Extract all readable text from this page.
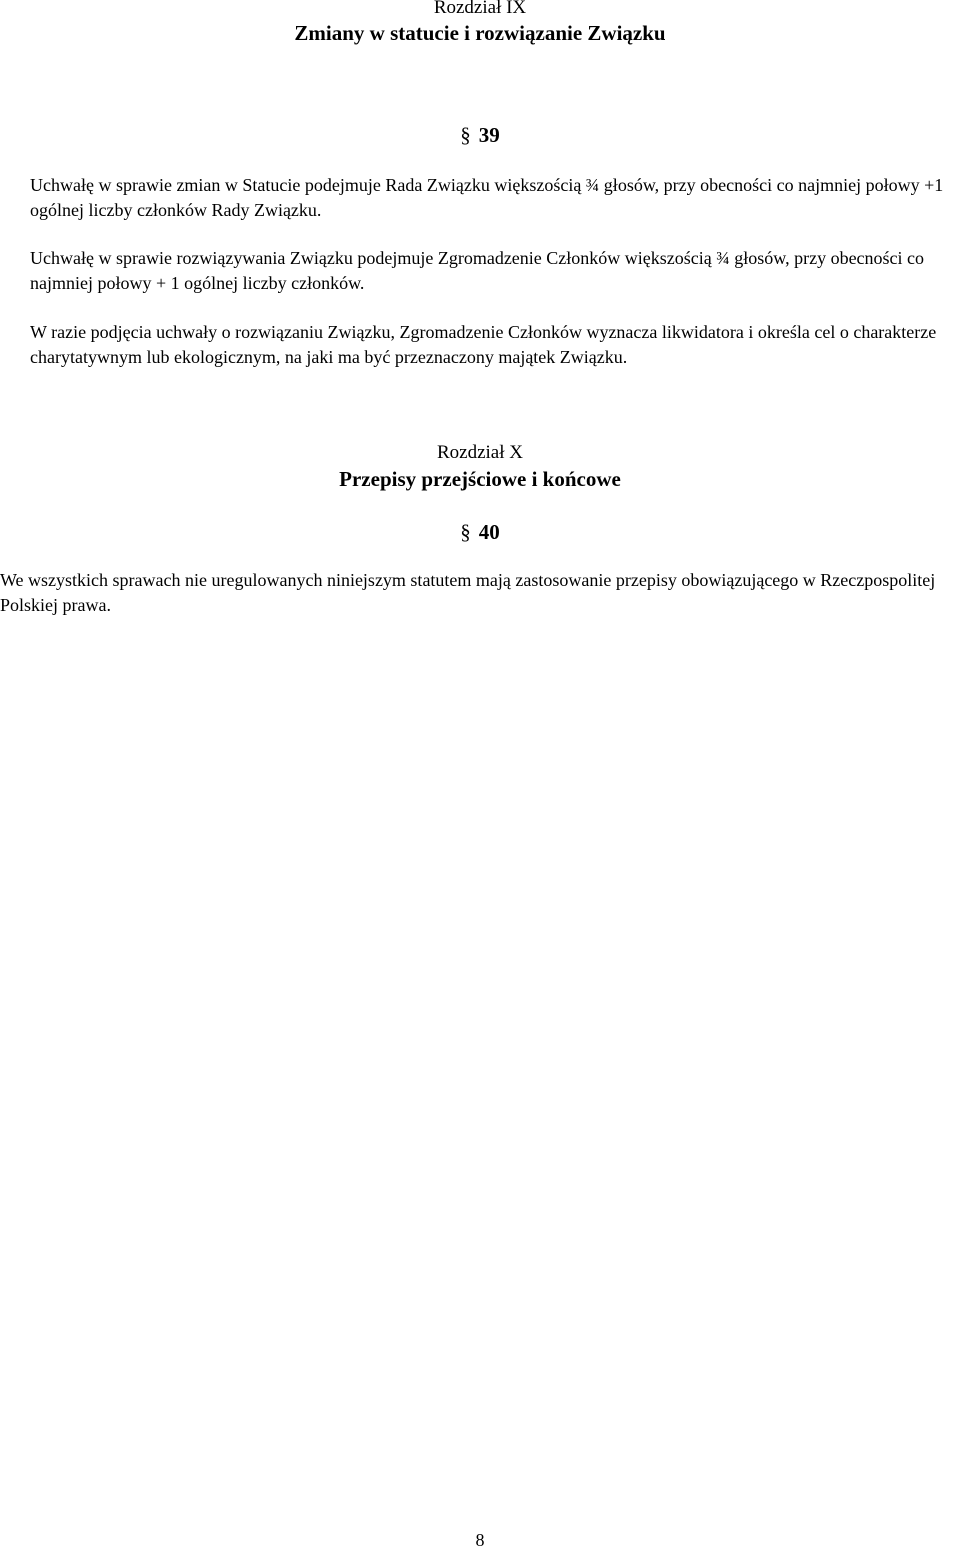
Rozdział IX

Zmiany w statucie i rozwiązanie Związku

§ 39

Uchwałę w sprawie zmian w Statucie podejmuje Rada Związku większością ¾ głosów, przy obecności co najmniej połowy +1 ogólnej liczby członków Rady Związku.

Uchwałę w sprawie rozwiązywania Związku podejmuje Zgromadzenie Członków większością ¾ głosów, przy obecności co najmniej połowy + 1 ogólnej liczby członków.

W razie podjęcia uchwały o rozwiązaniu Związku, Zgromadzenie Członków wyznacza likwidatora i określa cel o charakterze charytatywnym lub ekologicznym, na jaki ma być przeznaczony majątek Związku.

Rozdział X

Przepisy przejściowe i końcowe

§ 40

We wszystkich sprawach nie uregulowanych niniejszym statutem mają zastosowanie przepisy obowiązującego w Rzeczpospolitej Polskiej prawa.

8
